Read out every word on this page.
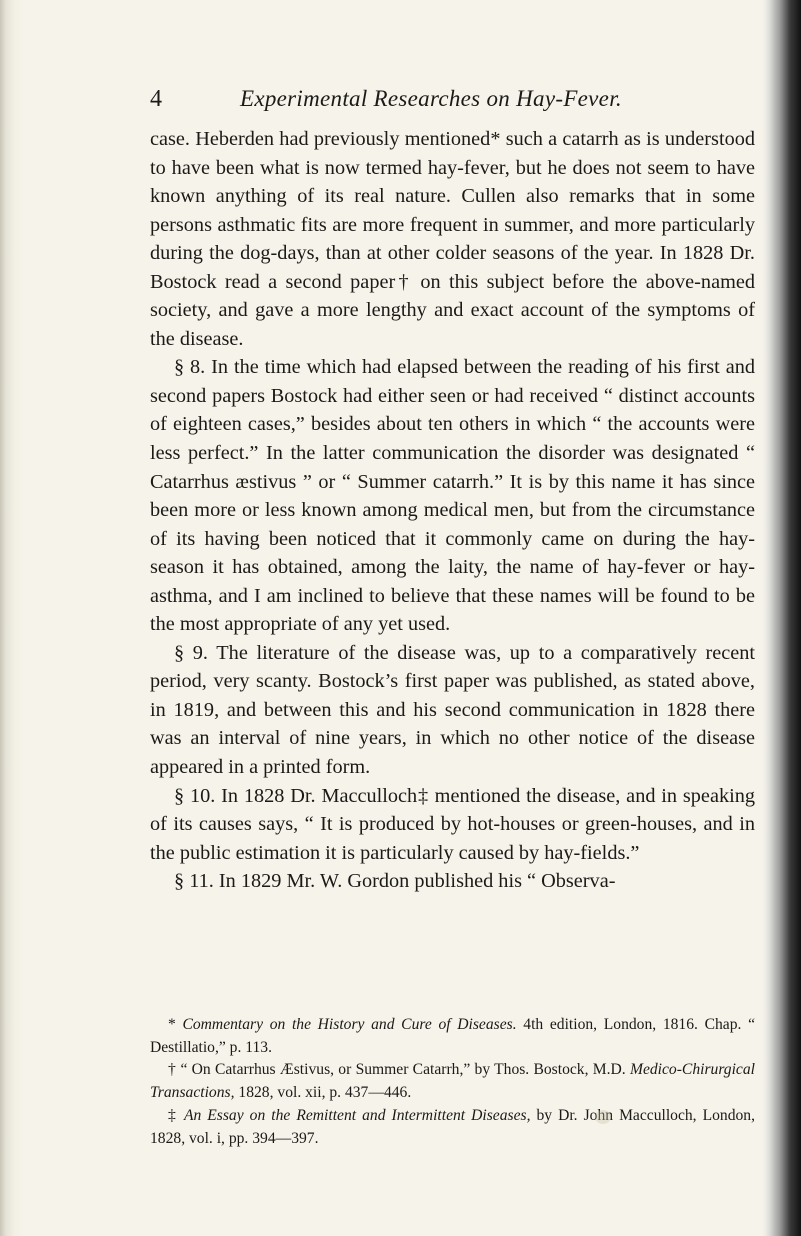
4	Experimental Researches on Hay-Fever.

case. Heberden had previously mentioned* such a catarrh as is understood to have been what is now termed hay-fever, but he does not seem to have known anything of its real nature. Cullen also remarks that in some persons asthmatic fits are more frequent in summer, and more particularly during the dog-days, than at other colder seasons of the year. In 1828 Dr. Bostock read a second paper† on this subject before the above-named society, and gave a more lengthy and exact account of the symptoms of the disease.

§ 8. In the time which had elapsed between the reading of his first and second papers Bostock had either seen or had received “ distinct accounts of eighteen cases,” besides about ten others in which “ the accounts were less perfect.” In the latter communication the disorder was designated “ Catarrhus æstivus ” or “ Summer catarrh.” It is by this name it has since been more or less known among medical men, but from the circumstance of its having been noticed that it commonly came on during the hay-season it has obtained, among the laity, the name of hay-fever or hay-asthma, and I am inclined to believe that these names will be found to be the most appropriate of any yet used.

§ 9. The literature of the disease was, up to a comparatively recent period, very scanty. Bostock’s first paper was published, as stated above, in 1819, and between this and his second communication in 1828 there was an interval of nine years, in which no other notice of the disease appeared in a printed form.

§ 10. In 1828 Dr. Macculloch‡ mentioned the disease, and in speaking of its causes says, “ It is produced by hot-houses or green-houses, and in the public estimation it is particularly caused by hay-fields.”

§ 11. In 1829 Mr. W. Gordon published his “ Observa-

* Commentary on the History and Cure of Diseases. 4th edition, London, 1816. Chap. “ Destillatio,” p. 113.

† “ On Catarrhus Æstivus, or Summer Catarrh,” by Thos. Bostock, M.D. Medico-Chirurgical Transactions, 1828, vol. xii, p. 437—446.

‡ An Essay on the Remittent and Intermittent Diseases, by Dr. John Macculloch, London, 1828, vol. i, pp. 394—397.
